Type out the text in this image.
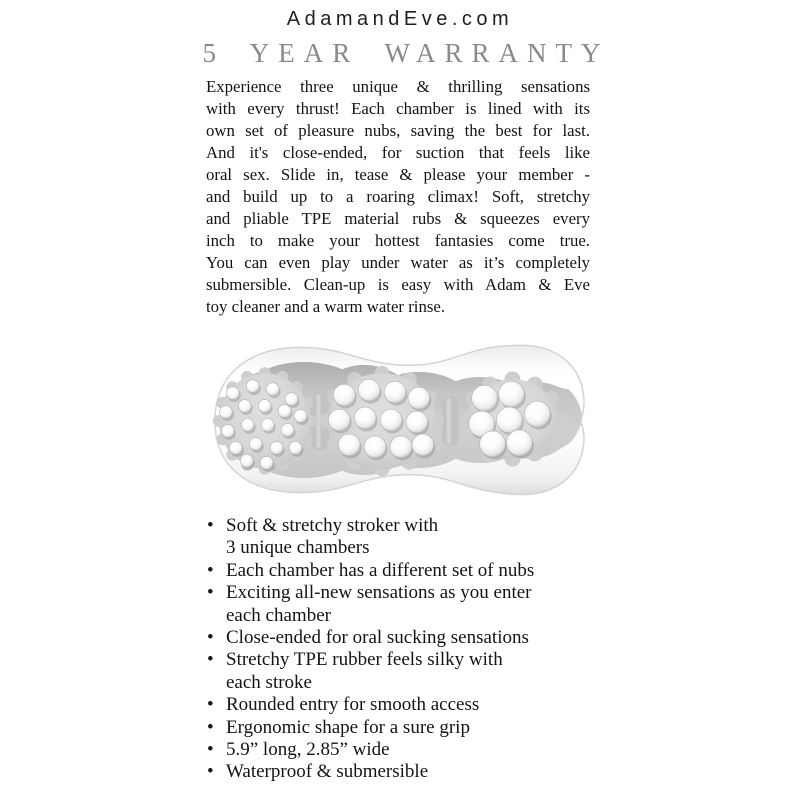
AdamandEve.com
5 YEAR WARRANTY
Experience three unique & thrilling sensations
with every thrust! Each chamber is lined with its
own set of pleasure nubs, saving the best for last.
And it's close-ended, for suction that feels like
oral sex. Slide in, tease & please your member -
and build up to a roaring climax! Soft, stretchy
and pliable TPE material rubs & squeezes every
inch to make your hottest fantasies come true.
You can even play under water as it’s completely
submersible. Clean-up is easy with Adam & Eve
toy cleaner and a warm water rinse.
• Soft & stretchy stroker with
3 unique chambers
• Each chamber has a different set of nubs
• Exciting all-new sensations as you enter
each chamber
• Close-ended for oral sucking sensations
• Stretchy TPE rubber feels silky with
each stroke
• Rounded entry for smooth access
• Ergonomic shape for a sure grip
• 5.9” long, 2.85” wide
• Waterproof & submersible
